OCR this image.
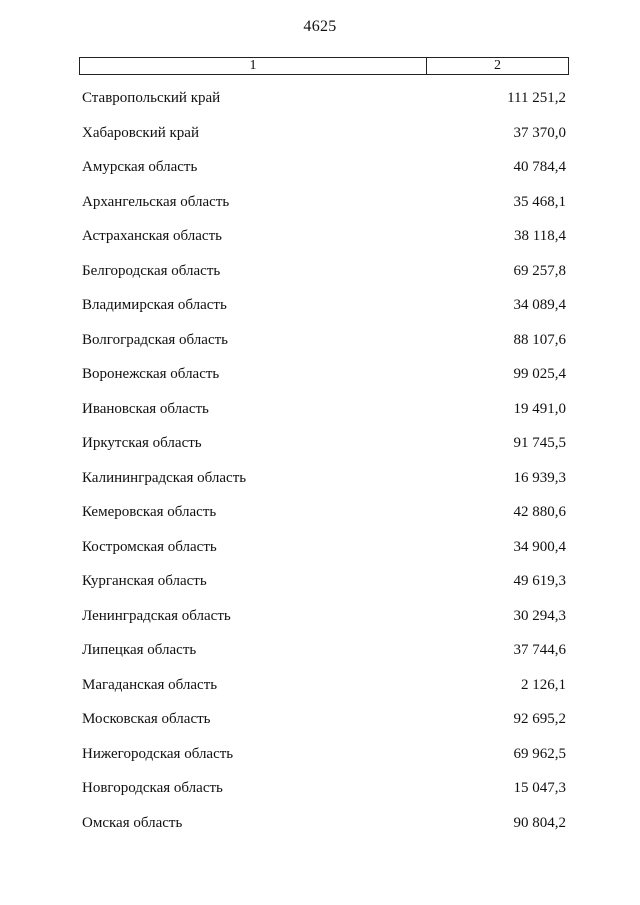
4625
1	2
Ставропольский край	111 251,2
Хабаровский край	37 370,0
Амурская область	40 784,4
Архангельская область	35 468,1
Астраханская область	38 118,4
Белгородская область	69 257,8
Владимирская область	34 089,4
Волгоградская область	88 107,6
Воронежская область	99 025,4
Ивановская область	19 491,0
Иркутская область	91 745,5
Калининградская область	16 939,3
Кемеровская область	42 880,6
Костромская область	34 900,4
Курганская область	49 619,3
Ленинградская область	30 294,3
Липецкая область	37 744,6
Магаданская область	2 126,1
Московская область	92 695,2
Нижегородская область	69 962,5
Новгородская область	15 047,3
Омская область	90 804,2
